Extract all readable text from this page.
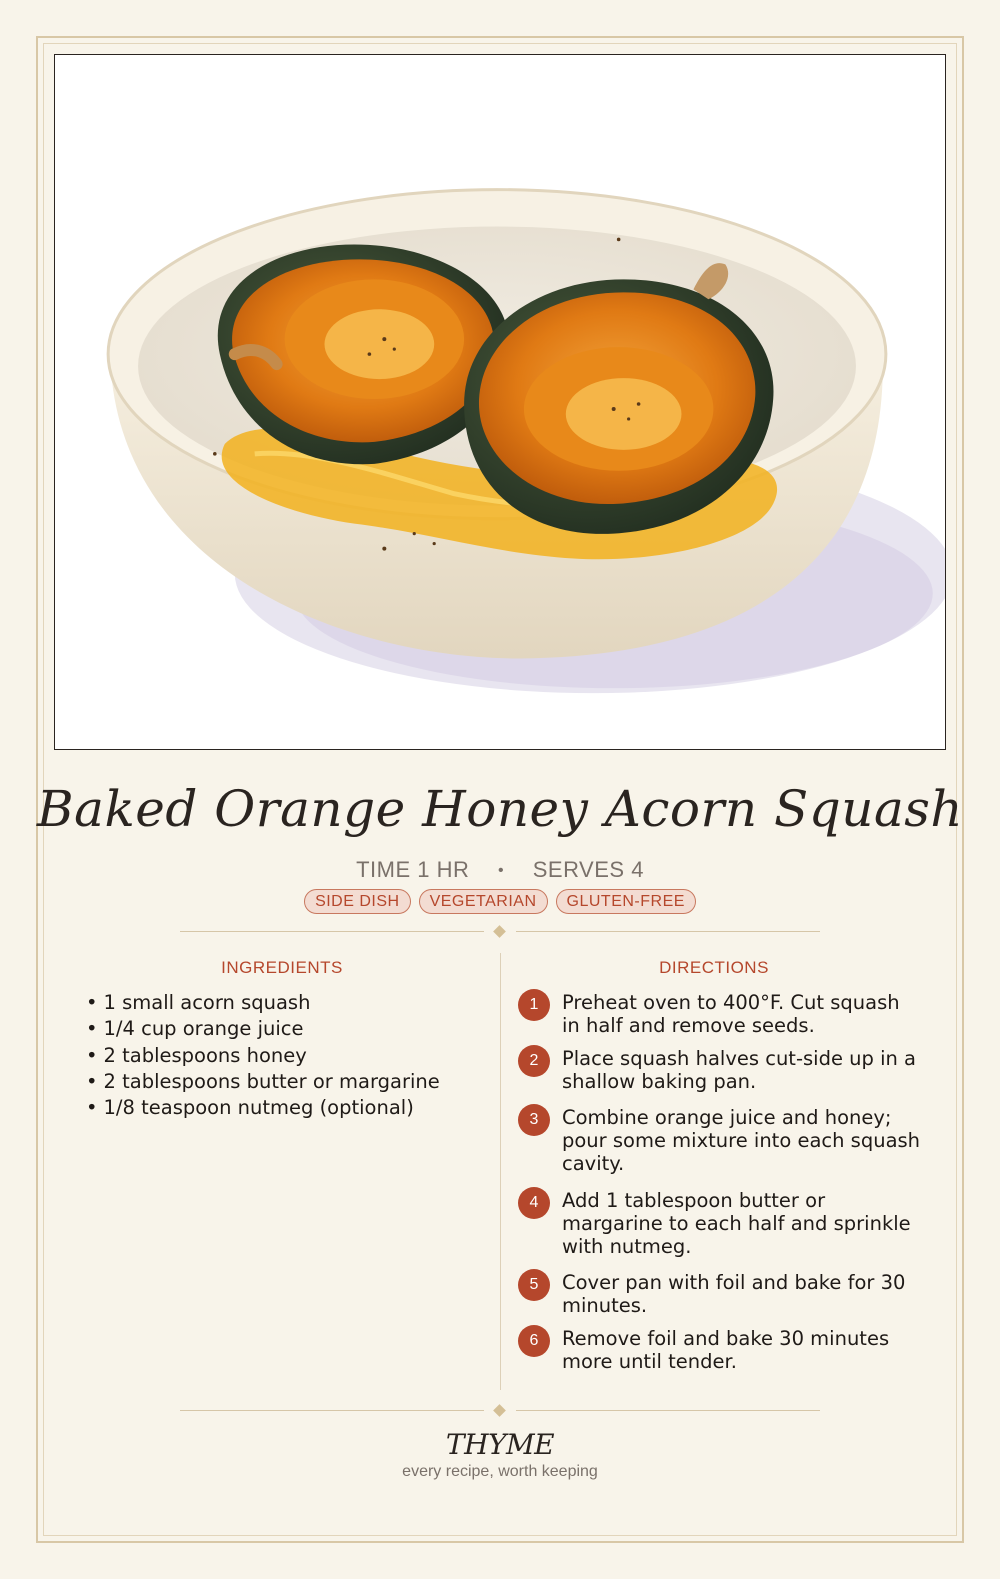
Baked Orange Honey Acorn Squash
TIME 1 HR • SERVES 4
SIDE DISH	VEGETARIAN	GLUTEN-FREE
INGREDIENTS
• 1 small acorn squash
• 1/4 cup orange juice
• 2 tablespoons honey
• 2 tablespoons butter or margarine
• 1/8 teaspoon nutmeg (optional)
DIRECTIONS
1	Preheat oven to 400°F. Cut squash in half and remove seeds.
2	Place squash halves cut-side up in a shallow baking pan.
3	Combine orange juice and honey; pour some mixture into each squash cavity.
4	Add 1 tablespoon butter or margarine to each half and sprinkle with nutmeg.
5	Cover pan with foil and bake for 30 minutes.
6	Remove foil and bake 30 minutes more until tender.
THYME
every recipe, worth keeping
